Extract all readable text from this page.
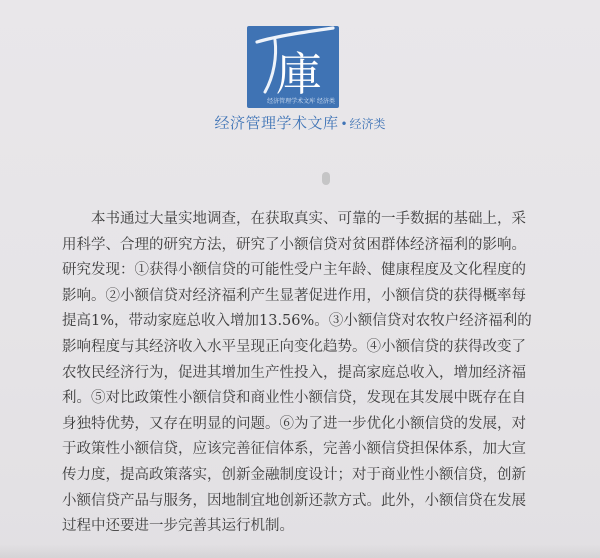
庫
经济管理学术文库 经济类
经济管理学术文库 • 经济类
本书通过大量实地调查，在获取真实、可靠的一手数据的基础上，采
用科学、合理的研究方法，研究了小额信贷对贫困群体经济福利的影响。
研究发现：①获得小额信贷的可能性受户主年龄、健康程度及文化程度的
影响。②小额信贷对经济福利产生显著促进作用，小额信贷的获得概率每
提高1%，带动家庭总收入增加13.56%。③小额信贷对农牧户经济福利的
影响程度与其经济收入水平呈现正向变化趋势。④小额信贷的获得改变了
农牧民经济行为，促进其增加生产性投入，提高家庭总收入，增加经济福
利。⑤对比政策性小额信贷和商业性小额信贷，发现在其发展中既存在自
身独特优势，又存在明显的问题。⑥为了进一步优化小额信贷的发展，对
于政策性小额信贷，应该完善征信体系，完善小额信贷担保体系，加大宣
传力度，提高政策落实，创新金融制度设计；对于商业性小额信贷，创新
小额信贷产品与服务，因地制宜地创新还款方式。此外，小额信贷在发展
过程中还要进一步完善其运行机制。
